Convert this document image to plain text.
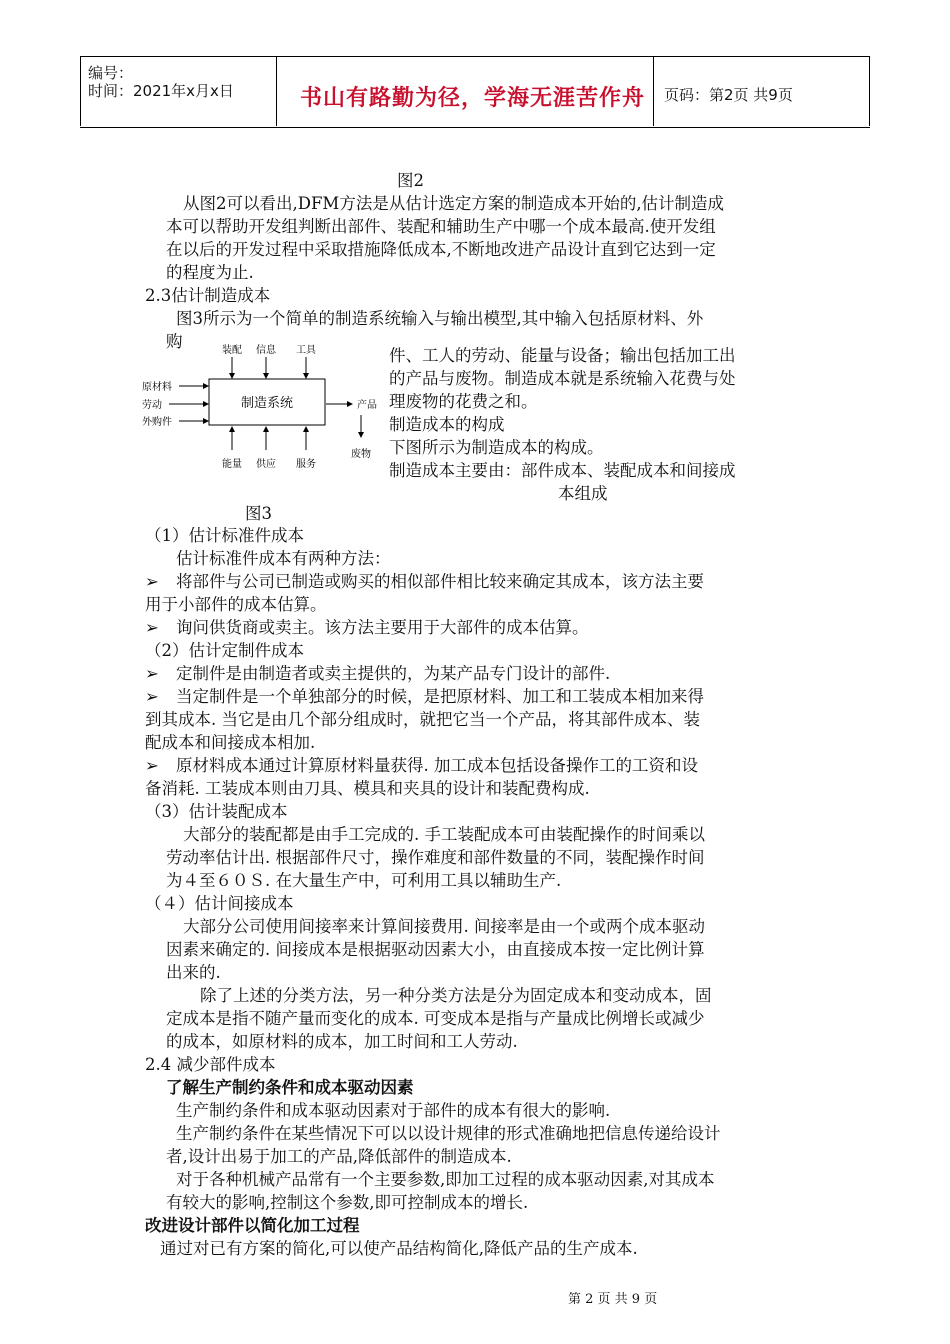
编号：
时间：2021年x月x日	书山有路勤为径，学海无涯苦作舟 页码：第2页 共9页
图2
从图2可以看出,DFM方法是从估计选定方案的制造成本开始的,估计制造成
本可以帮助开发组判断出部件、装配和辅助生产中哪一个成本最高.使开发组
在以后的开发过程中采取措施降低成本,不断地改进产品设计直到它达到一定
的程度为止.
2.3估计制造成本
图3所示为一个简单的制造系统输入与输出模型,其中输入包括原材料、外
购
制造系统
装配 信息 工具
原材料
劳动
外购件
能量 供应 服务
产品
废物
件、工人的劳动、能量与设备；输出包括加工出
的产品与废物。制造成本就是系统输入花费与处
理废物的花费之和。
制造成本的构成
下图所示为制造成本的构成。
制造成本主要由：部件成本、装配成本和间接成
本组成
图3
（1）估计标准件成本
估计标准件成本有两种方法：
➢ 将部件与公司已制造或购买的相似部件相比较来确定其成本，该方法主要
用于小部件的成本估算。
➢ 询问供货商或卖主。该方法主要用于大部件的成本估算。
（2）估计定制件成本
➢ 定制件是由制造者或卖主提供的，为某产品专门设计的部件.
➢ 当定制件是一个单独部分的时候，是把原材料、加工和工装成本相加来得
到其成本. 当它是由几个部分组成时，就把它当一个产品，将其部件成本、装
配成本和间接成本相加.
➢ 原材料成本通过计算原材料量获得. 加工成本包括设备操作工的工资和设
备消耗. 工装成本则由刀具、模具和夹具的设计和装配费构成.
（3）估计装配成本
大部分的装配都是由手工完成的. 手工装配成本可由装配操作的时间乘以
劳动率估计出. 根据部件尺寸，操作难度和部件数量的不同，装配操作时间
为４至６０Ｓ. 在大量生产中，可利用工具以辅助生产.
（４）估计间接成本
大部分公司使用间接率来计算间接费用. 间接率是由一个或两个成本驱动
因素来确定的. 间接成本是根据驱动因素大小，由直接成本按一定比例计算
出来的.
除了上述的分类方法，另一种分类方法是分为固定成本和变动成本，固
定成本是指不随产量而变化的成本. 可变成本是指与产量成比例增长或减少
的成本，如原材料的成本，加工时间和工人劳动.
2.4 减少部件成本
了解生产制约条件和成本驱动因素
生产制约条件和成本驱动因素对于部件的成本有很大的影响.
生产制约条件在某些情况下可以以设计规律的形式准确地把信息传递给设计
者,设计出易于加工的产品,降低部件的制造成本.
对于各种机械产品常有一个主要参数,即加工过程的成本驱动因素,对其成本
有较大的影响,控制这个参数,即可控制成本的增长.
改进设计部件以简化加工过程
通过对已有方案的简化,可以使产品结构简化,降低产品的生产成本.
第 2 页 共 9 页
